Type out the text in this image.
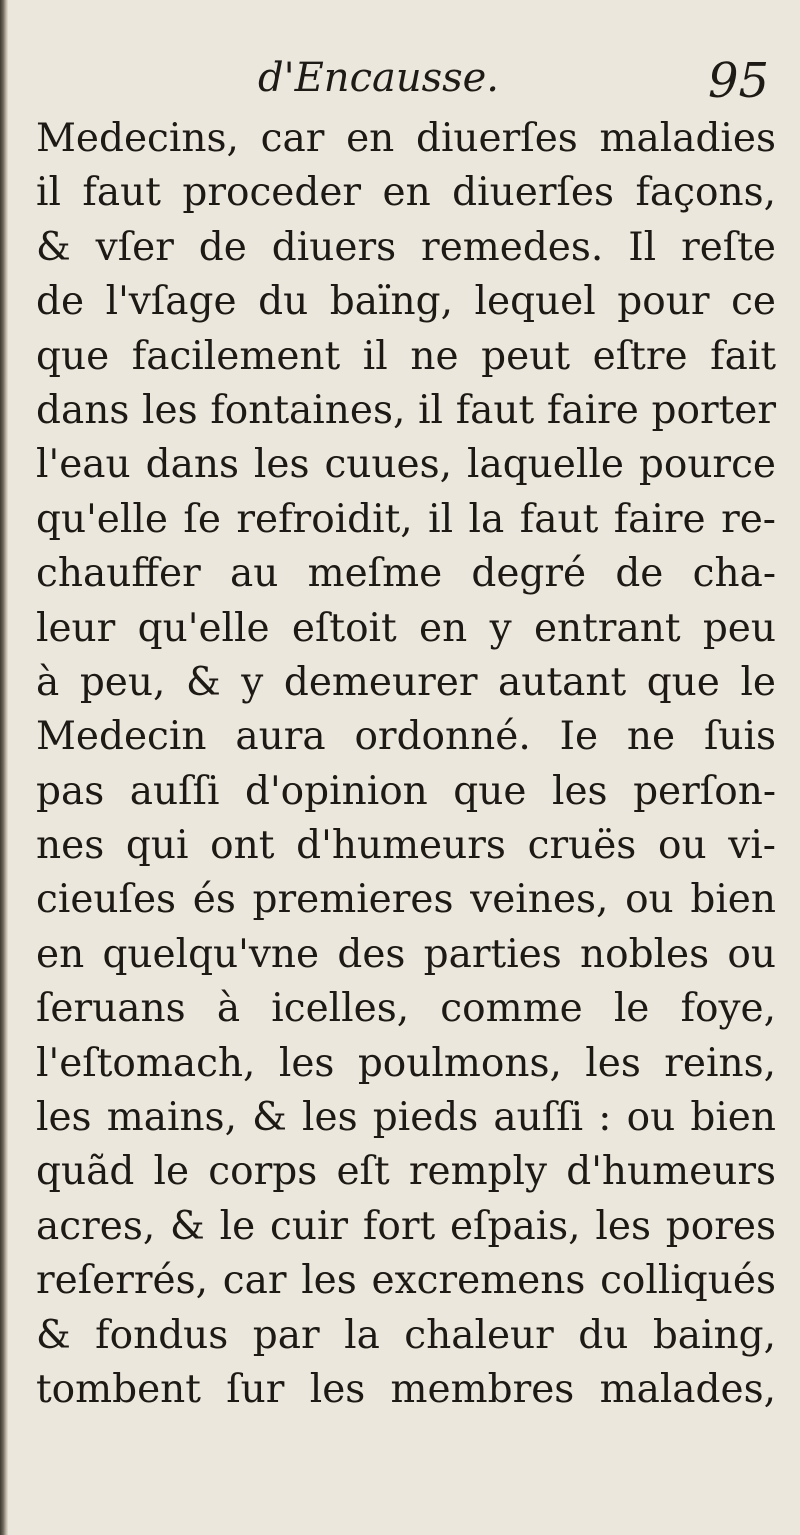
d'Encausse.	95
Medecins, car en diuerſes maladies
il faut proceder en diuerſes façons,
& vſer de diuers remedes. Il reſte
de l'vſage du baïng, lequel pour ce
que facilement il ne peut eſtre fait
dans les fontaines, il faut faire porter
l'eau dans les cuues, laquelle pource
qu'elle ſe refroidit, il la faut faire re-
chauffer au meſme degré de cha-
leur qu'elle eſtoit en y entrant peu
à peu, & y demeurer autant que le
Medecin aura ordonné. Ie ne ſuis
pas auſſi d'opinion que les perſon-
nes qui ont d'humeurs cruës ou vi-
cieuſes és premieres veines, ou bien
en quelqu'vne des parties nobles ou
ſeruans à icelles, comme le foye,
l'eſtomach, les poulmons, les reins,
les mains, & les pieds auſſi : ou bien
quãd le corps eſt remply d'humeurs
acres, & le cuir fort eſpais, les pores
reſerrés, car les excremens colliqués
& fondus par la chaleur du baing,
tombent ſur les membres malades,
